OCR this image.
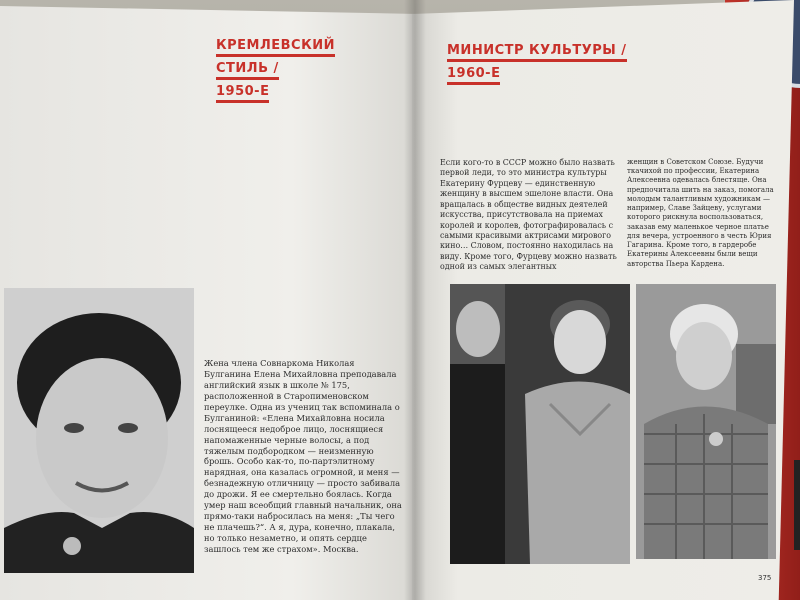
КРЕМЛЕВСКИЙ
СТИЛЬ /
1950-Е
МИНИСТР КУЛЬТУРЫ /
1960-Е
Жена члена Совнаркома Николая Булганина Елена Михайловна преподавала английский язык в школе № 175, расположенной в Старопименовском переулке. Одна из учениц так вспоминала о Булганиной: «Елена Михайловна носила лоснящееся недоброе лицо, лоснящиеся напомаженные черные волосы, а под тяжелым подбородком — неизменную брошь. Особо как-то, по-партэлитному нарядная, она казалась огромной, и меня — безнадежную отличницу — просто забивала до дрожи. Я ее смертельно боялась. Когда умер наш всеобщий главный начальник, она прямо-таки набросилась на меня: „Ты чего не плачешь?“. А я, дура, конечно, плакала, но только незаметно, и опять сердце зашлось тем же страхом». Москва.
Если кого-то в СССР можно было назвать первой леди, то это министра культуры Екатерину Фурцеву — единственную женщину в высшем эшелоне власти. Она вращалась в обществе видных деятелей искусства, присутствовала на приемах королей и королев, фотографировалась с самыми красивыми актрисами мирового кино… Словом, постоянно находилась на виду. Кроме того, Фурцеву можно назвать одной из самых элегантных
женщин в Советском Союзе. Будучи ткачихой по профессии, Екатерина Алексеевна одевалась блестяще. Она предпочитала шить на заказ, помогала молодым талантливым художникам — например, Славе Зайцеву, услугами которого рискнула воспользоваться, заказав ему маленькое черное платье для вечера, устроенного в честь Юрия Гагарина. Кроме того, в гардеробе Екатерины Алексеевны были вещи авторства Пьера Кардена.
375
